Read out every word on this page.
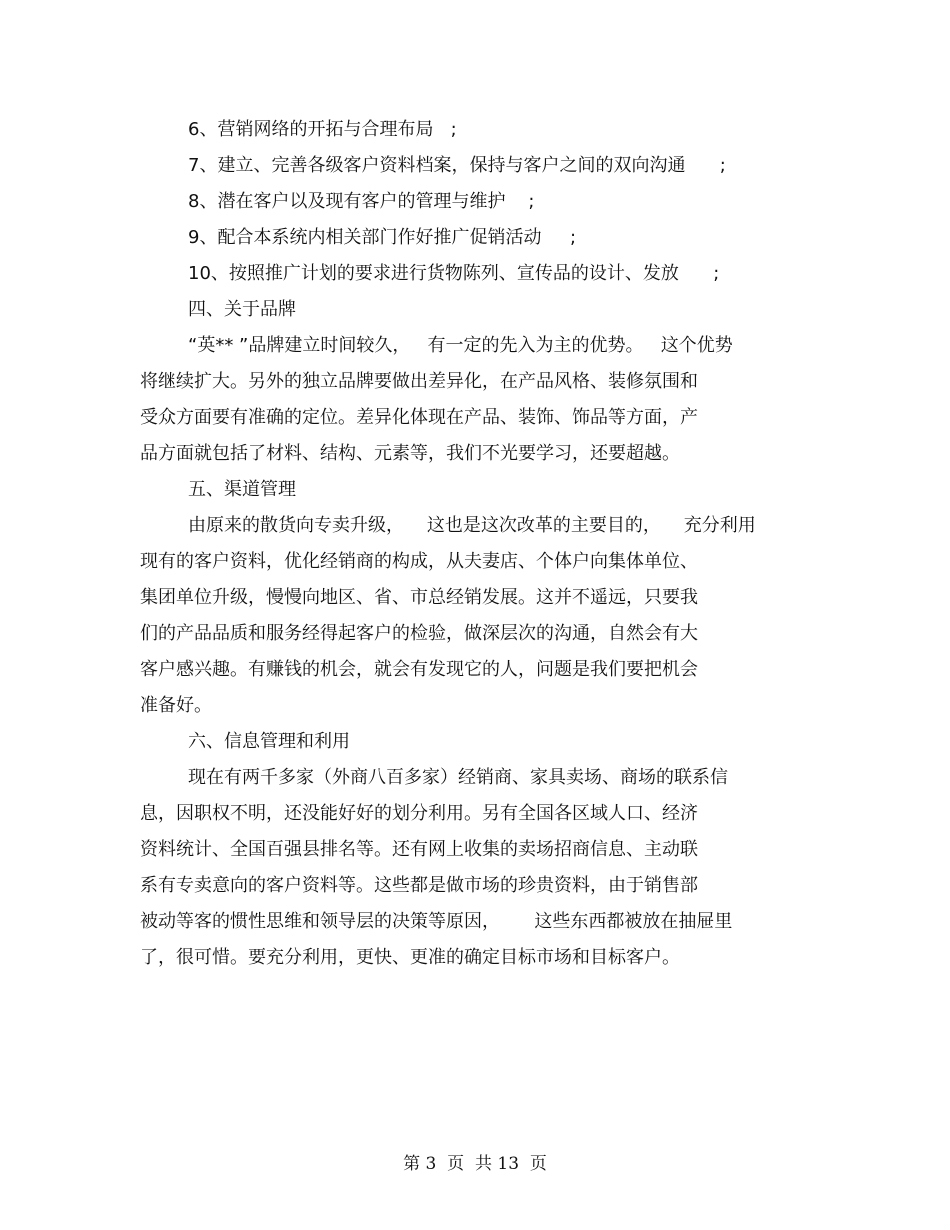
6、营销网络的开拓与合理布局   ;
7、建立、完善各级客户资料档案，保持与客户之间的双向沟通      ;
8、潜在客户以及现有客户的管理与维护    ;
9、配合本系统内相关部门作好推广促销活动     ;
10、按照推广计划的要求进行货物陈列、宣传品的设计、发放      ;
四、关于品牌
“英** ”品牌建立时间较久，   有一定的先入为主的优势。   这个优势
将继续扩大。另外的独立品牌要做出差异化，在产品风格、装修氛围和
受众方面要有准确的定位。差异化体现在产品、装饰、饰品等方面，产
品方面就包括了材料、结构、元素等，我们不光要学习，还要超越。
五、渠道管理
由原来的散货向专卖升级，    这也是这次改革的主要目的，    充分利用
现有的客户资料，优化经销商的构成，从夫妻店、个体户向集体单位、
集团单位升级，慢慢向地区、省、市总经销发展。这并不遥远，只要我
们的产品品质和服务经得起客户的检验，做深层次的沟通，自然会有大
客户感兴趣。有赚钱的机会，就会有发现它的人，问题是我们要把机会
准备好。
六、信息管理和利用
现在有两千多家（外商八百多家）经销商、家具卖场、商场的联系信
息，因职权不明，还没能好好的划分利用。另有全国各区域人口、经济
资料统计、全国百强县排名等。还有网上收集的卖场招商信息、主动联
系有专卖意向的客户资料等。这些都是做市场的珍贵资料，由于销售部
被动等客的惯性思维和领导层的决策等原因，      这些东西都被放在抽屉里
了，很可惜。要充分利用，更快、更准的确定目标市场和目标客户。
第 3  页  共 13  页
